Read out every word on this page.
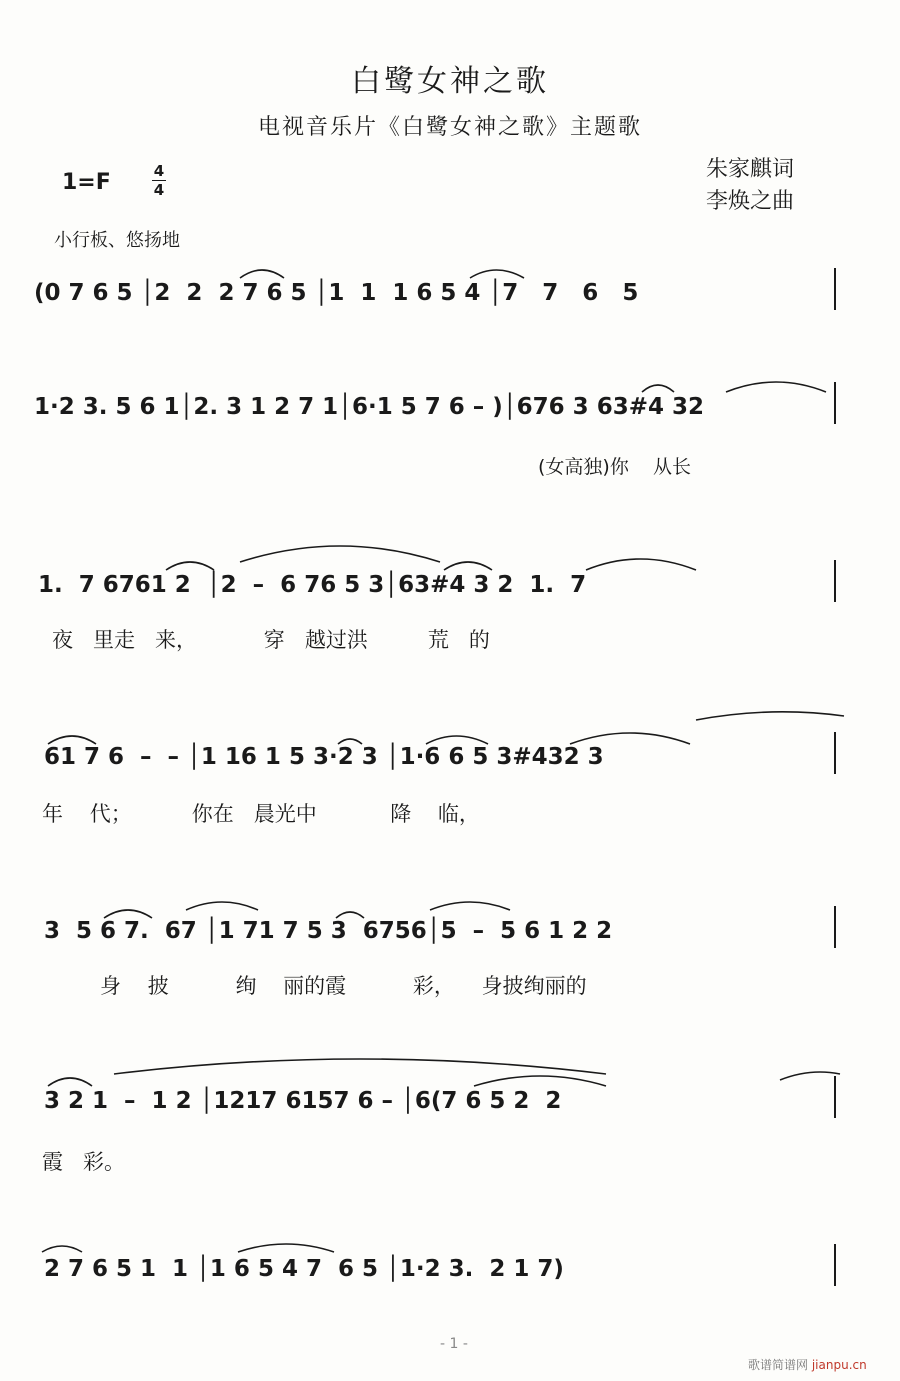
白鹭女神之歌
电视音乐片《白鹭女神之歌》主题歌
1=F	4
4
朱家麒词
李焕之曲
小行板、悠扬地
(0 7 6 5 │2  2  2 7 6 5 │1  1  1 6 5 4 │7   7   6   5
1·2 3. 5 6 1│2. 3 1 2 7 1│6·1 5 7 6 – )│676 3 63#4 32
(女高独)你    从长
1.  7 6761 2  │2  –  6 76 5 3│63#4 3 2  1.  7
夜   里走   来，          穿   越过洪         荒   的
61 7 6  –  – │1 16 1 5 3·2 3 │1·6 6 5 3#432 3
年    代；         你在   晨光中           降    临，
3  5 6 7.  67 │1 71 7 5 3  6756│5  –  5 6 1 2 2
身    披          绚    丽的霞          彩，    身披绚丽的
3 2 1  –  1 2 │1217 6157 6 – │6(7 6 5 2  2
霞   彩。
2 7 6 5 1  1 │1 6 5 4 7  6 5 │1·2 3.  2 1 7)
- 1 -
歌谱简谱网 jianpu.cn
